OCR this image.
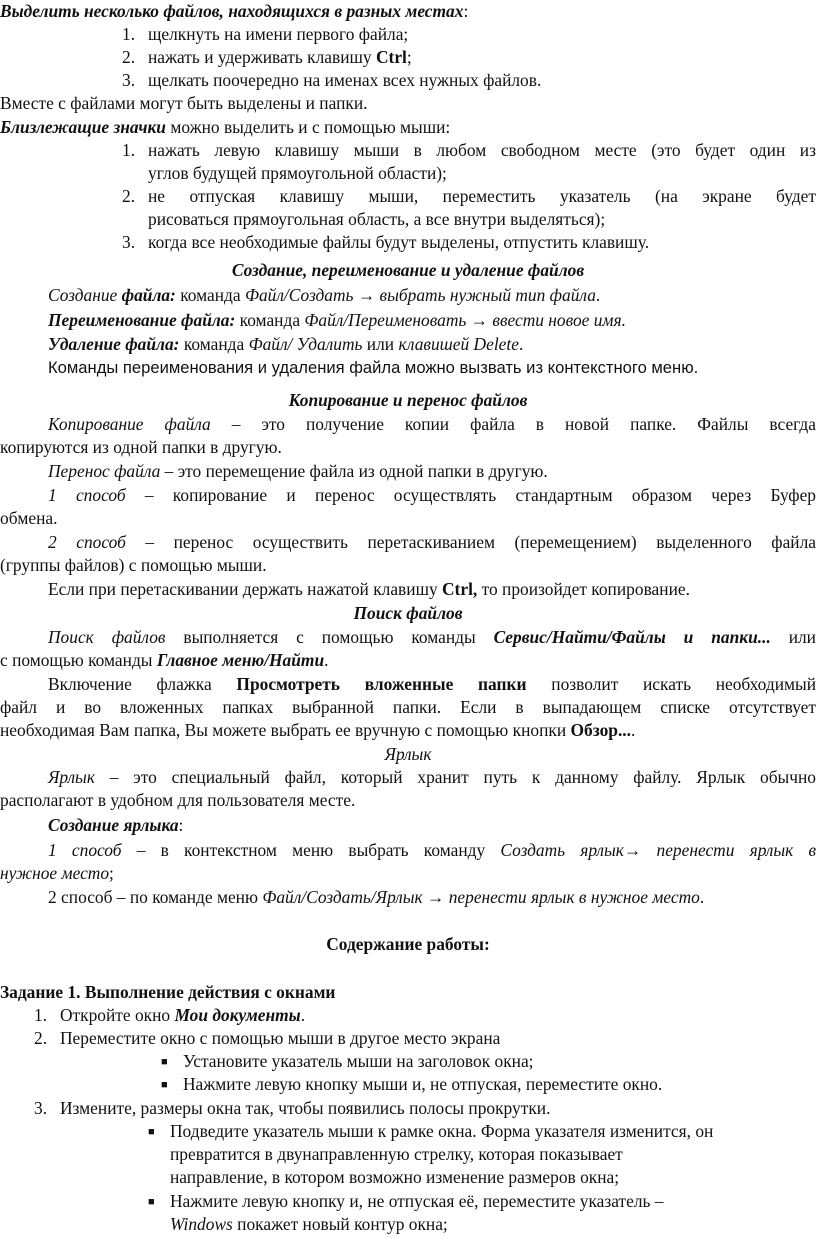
Выделить несколько файлов, находящихся в разных местах:
1. щелкнуть на имени первого файла;
2. нажать и удерживать клавишу Ctrl;
3. щелкать поочередно на именах всех нужных файлов.
Вместе с файлами могут быть выделены и папки.
Близлежащие значки можно выделить и с помощью мыши:
1. нажать левую клавишу мыши в любом свободном месте (это будет один из
углов будущей прямоугольной области);
2. не отпуская клавишу мыши, переместить указатель (на экране будет
рисоваться прямоугольная область, а все внутри выделяться);
3. когда все необходимые файлы будут выделены, отпустить клавишу.
Создание, переименование и удаление файлов
Создание файла: команда Файл/Создать → выбрать нужный тип файла.
Переименование файла: команда Файл/Переименовать → ввести новое имя.
Удаление файла: команда Файл/ Удалить или клавишей Delete.
Команды переименования и удаления файла можно вызвать из контекстного меню.
Копирование и перенос файлов
Копирование файла – это получение копии файла в новой папке. Файлы всегда
копируются из одной папки в другую.
Перенос файла – это перемещение файла из одной папки в другую.
1 способ – копирование и перенос осуществлять стандартным образом через Буфер
обмена.
2 способ – перенос осуществить перетаскиванием (перемещением) выделенного файла
(группы файлов) с помощью мыши.
Если при перетаскивании держать нажатой клавишу Ctrl, то произойдет копирование.
Поиск файлов
Поиск файлов выполняется с помощью команды Сервис/Найти/Файлы и папки... или
с помощью команды Главное меню/Найти.
Включение флажка Просмотреть вложенные папки позволит искать необходимый
файл и во вложенных папках выбранной папки. Если в выпадающем списке отсутствует
необходимая Вам папка, Вы можете выбрать ее вручную с помощью кнопки Обзор....
Ярлык
Ярлык – это специальный файл, который хранит путь к данному файлу. Ярлык обычно
располагают в удобном для пользователя месте.
Создание ярлыка:
1 способ – в контекстном меню выбрать команду Создать ярлык→ перенести ярлык в
нужное место;
2 способ – по команде меню Файл/Создать/Ярлык → перенести ярлык в нужное место.
Содержание работы:
Задание 1. Выполнение действия с окнами
1. Откройте окно Мои документы.
2. Переместите окно с помощью мыши в другое место экрана
■ Установите указатель мыши на заголовок окна;
■ Нажмите левую кнопку мыши и, не отпуская, переместите окно.
3. Измените, размеры окна так, чтобы появились полосы прокрутки.
■ Подведите указатель мыши к рамке окна. Форма указателя изменится, он
превратится в двунаправленную стрелку, которая показывает
направление, в котором возможно изменение размеров окна;
■ Нажмите левую кнопку и, не отпуская её, переместите указатель –
Windows покажет новый контур окна;
